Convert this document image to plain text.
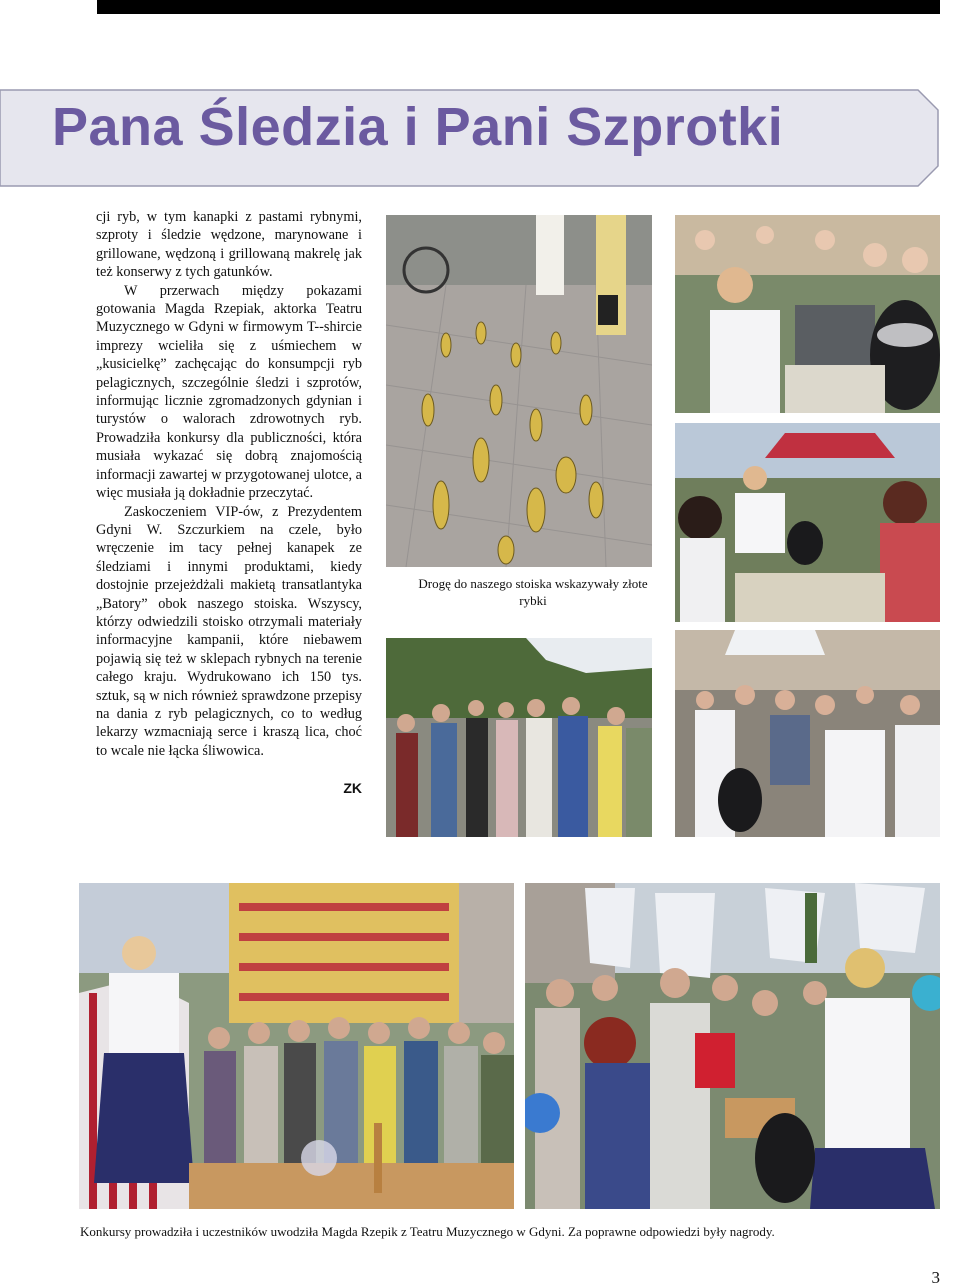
Pana Śledzia i Pani Szprotki

cji ryb, w tym kanapki z pastami rybnymi, szproty i śledzie wędzone, marynowane i grillowane, wędzoną i grillowaną makrelę jak też konserwy z tych gatunków.

W przerwach między pokazami gotowania Magda Rzepiak, aktorka Teatru Muzycznego w Gdyni w firmowym T--shircie imprezy wcieliła się z uśmiechem w „kusicielkę” zachęcając do konsumpcji ryb pelagicznych, szczególnie śledzi i szprotów, informując licznie zgromadzonych gdynian i turystów o walorach zdrowotnych ryb. Prowadziła konkursy dla publiczności, która musiała wykazać się dobrą znajomością informacji zawartej w przygotowanej ulotce, a więc musiała ją dokładnie przeczytać.

Zaskoczeniem VIP-ów, z Prezydentem Gdyni W. Szczurkiem na czele, było wręczenie im tacy pełnej kanapek ze śledziami i innymi produktami, kiedy dostojnie przejeżdżali makietą transatlantyka „Batory” obok naszego stoiska. Wszyscy, którzy odwiedzili stoisko otrzymali materiały informacyjne kampanii, które niebawem pojawią się też w sklepach rybnych na terenie całego kraju. Wydrukowano ich 150 tys. sztuk, są w nich również sprawdzone przepisy na dania z ryb pelagicznych, co to według lekarzy wzmacniają serce i kraszą lica, choć to wcale nie łącka śliwowica.

ZK
Drogę do naszego stoiska wskazywały złote rybki
Konkursy prowadziła i uczestników uwodziła Magda Rzepik z Teatru Muzycznego w Gdyni. Za poprawne odpowiedzi były nagrody.
3
